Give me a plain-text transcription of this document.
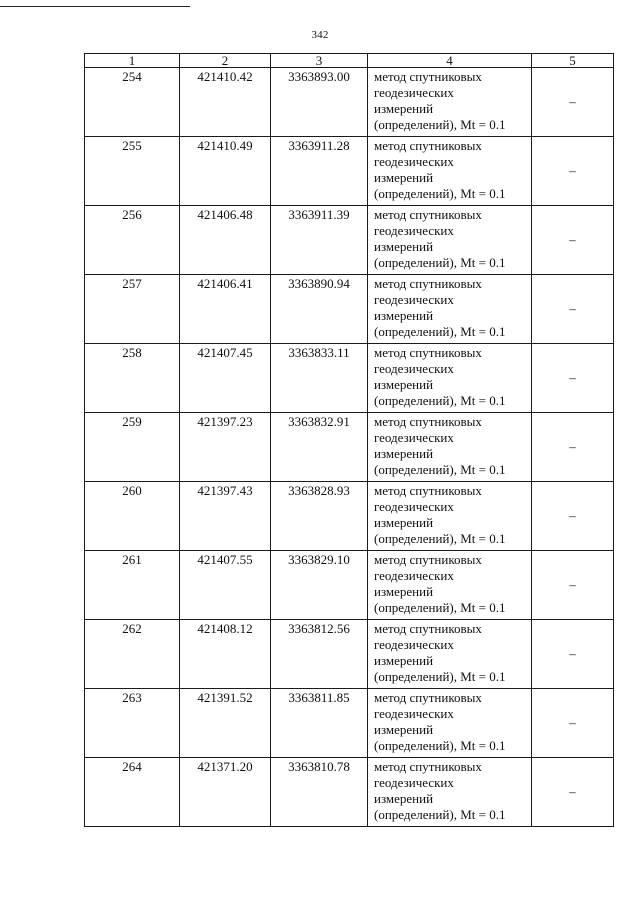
342
1	2	3	4	5
254	421410.42	3363893.00	метод спутниковых
геодезических
измерений
(определений), Mt = 0.1	–
255	421410.49	3363911.28	метод спутниковых
геодезических
измерений
(определений), Mt = 0.1	–
256	421406.48	3363911.39	метод спутниковых
геодезических
измерений
(определений), Mt = 0.1	–
257	421406.41	3363890.94	метод спутниковых
геодезических
измерений
(определений), Mt = 0.1	–
258	421407.45	3363833.11	метод спутниковых
геодезических
измерений
(определений), Mt = 0.1	–
259	421397.23	3363832.91	метод спутниковых
геодезических
измерений
(определений), Mt = 0.1	–
260	421397.43	3363828.93	метод спутниковых
геодезических
измерений
(определений), Mt = 0.1	–
261	421407.55	3363829.10	метод спутниковых
геодезических
измерений
(определений), Mt = 0.1	–
262	421408.12	3363812.56	метод спутниковых
геодезических
измерений
(определений), Mt = 0.1	–
263	421391.52	3363811.85	метод спутниковых
геодезических
измерений
(определений), Mt = 0.1	–
264	421371.20	3363810.78	метод спутниковых
геодезических
измерений
(определений), Mt = 0.1	–
